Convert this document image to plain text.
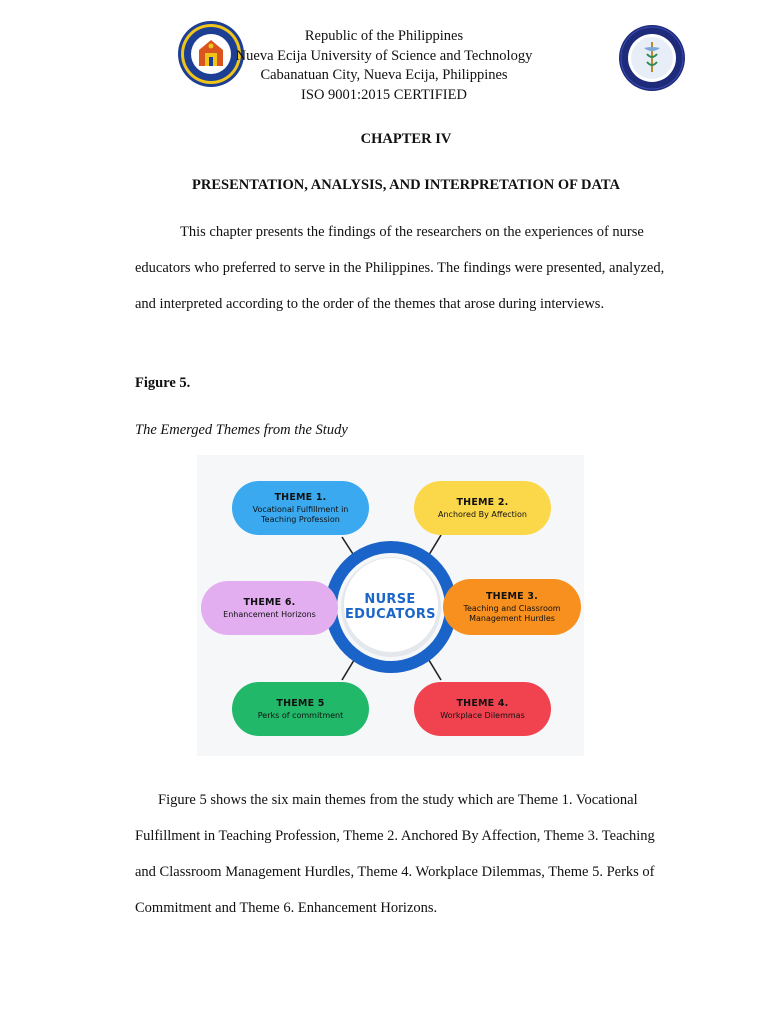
Republic of the Philippines
Nueva Ecija University of Science and Technology
Cabanatuan City, Nueva Ecija, Philippines
ISO 9001:2015 CERTIFIED
CHAPTER IV
PRESENTATION, ANALYSIS, AND INTERPRETATION OF DATA

This chapter presents the findings of the researchers on the experiences of nurse educators who preferred to serve in the Philippines. The findings were presented, analyzed, and interpreted according to the order of the themes that arose during interviews.

Figure 5.
The Emerged Themes from the Study
NURSE
EDUCATORS
THEME 1.
Vocational Fulfillment in Teaching Profession
THEME 2.
Anchored By Affection
THEME 3.
Teaching and Classroom Management Hurdles
THEME 4.
Workplace Dilemmas
THEME 5
Perks of commitment
THEME 6.
Enhancement Horizons

Figure 5 shows the six main themes from the study which are Theme 1. Vocational Fulfillment in Teaching Profession, Theme 2. Anchored By Affection, Theme 3. Teaching and Classroom Management Hurdles, Theme 4. Workplace Dilemmas, Theme 5. Perks of Commitment and Theme 6. Enhancement Horizons.
